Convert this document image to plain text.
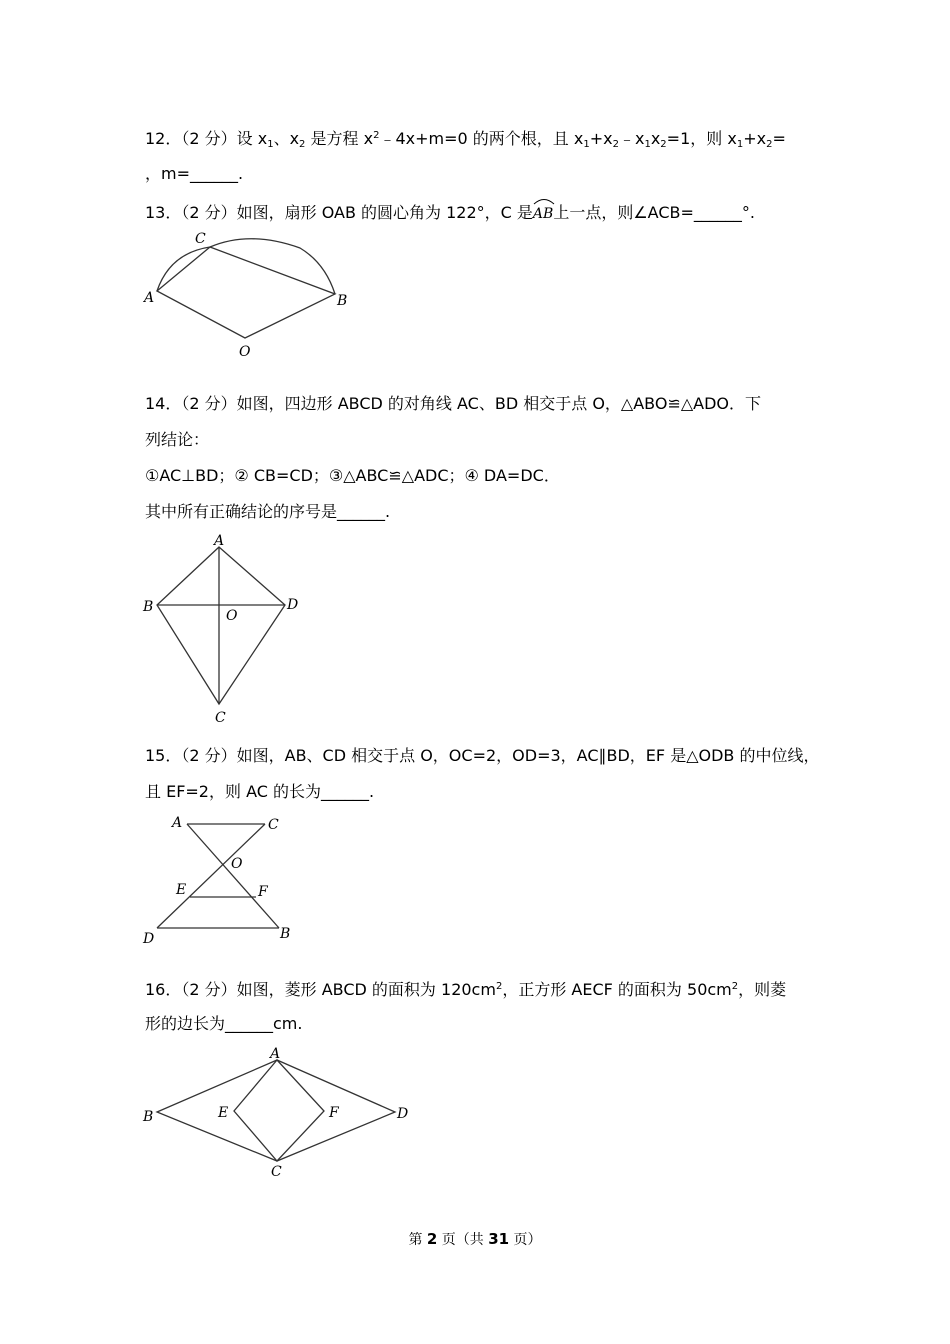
12．（2 分）设 $x_1$、$x_2$ 是方程 $x^2﹣4x+m=0$ 的两个根，且 $x_1+x_2﹣x_1x_2=1$，则 $x_1+x_2=$
，m=______.
13．（2 分）如图，扇形 OAB 的圆心角为 122°，C 是
AB上一点，则∠ACB=______°.
C
A	B
O
14．（2 分）如图，四边形 ABCD 的对角线 AC、BD 相交于点 O，△ABO≌△ADO．下
列结论：
①AC⊥BD；② CB=CD；③△ABC≌△ADC；④ DA=DC．
其中所有正确结论的序号是______.
A
B
O
D
C
15．（2 分）如图，AB、CD 相交于点 O，OC=2，OD=3，AC∥BD，EF 是△ODB 的中位线，
且 EF=2，则 AC 的长为______.
A	C
O
E	F
D	B
16．（2 分）如图，菱形 ABCD 的面积为 $120cm^2$，正方形 AECF 的面积为 $50cm^2$，则菱
形的边长为______cm.
A
B	E	F	D
C
第 2 页（共 31 页）
